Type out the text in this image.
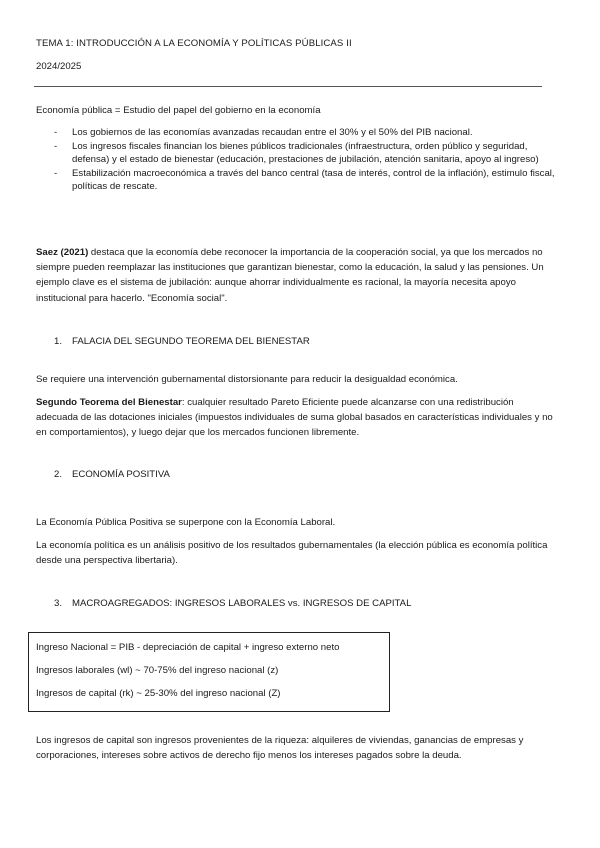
TEMA 1: INTRODUCCIÓN A LA ECONOMÍA Y POLÍTICAS PÚBLICAS II
2024/2025
Economía pública = Estudio del papel del gobierno en la economía
- Los gobiernos de las economías avanzadas recaudan entre el 30% y el 50% del PIB nacional.
- Los ingresos fiscales financian los bienes públicos tradicionales (infraestructura, orden público y seguridad, defensa) y el estado de bienestar (educación, prestaciones de jubilación, atención sanitaria, apoyo al ingreso)
- Estabilización macroeconómica a través del banco central (tasa de interés, control de la inflación), estimulo fiscal, políticas de rescate.
Saez (2021) destaca que la economía debe reconocer la importancia de la cooperación social, ya que los mercados no siempre pueden reemplazar las instituciones que garantizan bienestar, como la educación, la salud y las pensiones. Un ejemplo clave es el sistema de jubilación: aunque ahorrar individualmente es racional, la mayoría necesita apoyo institucional para hacerlo. "Economía social".
1. FALACIA DEL SEGUNDO TEOREMA DEL BIENESTAR
Se requiere una intervención gubernamental distorsionante para reducir la desigualdad económica.
Segundo Teorema del Bienestar: cualquier resultado Pareto Eficiente puede alcanzarse con una redistribución adecuada de las dotaciones iniciales (impuestos individuales de suma global basados en características individuales y no en comportamientos), y luego dejar que los mercados funcionen libremente.
2. ECONOMÍA POSITIVA
La Economía Pública Positiva se superpone con la Economía Laboral.
La economía política es un análisis positivo de los resultados gubernamentales (la elección pública es economía política desde una perspectiva libertaria).
3. MACROAGREGADOS: INGRESOS LABORALES vs. INGRESOS DE CAPITAL
Ingreso Nacional = PIB - depreciación de capital + ingreso externo neto
Ingresos laborales (wl) ~ 70-75% del ingreso nacional (z)
Ingresos de capital (rk) ~ 25-30% del ingreso nacional (Z)
Los ingresos de capital son ingresos provenientes de la riqueza: alquileres de viviendas, ganancias de empresas y corporaciones, intereses sobre activos de derecho fijo menos los intereses pagados sobre la deuda.
